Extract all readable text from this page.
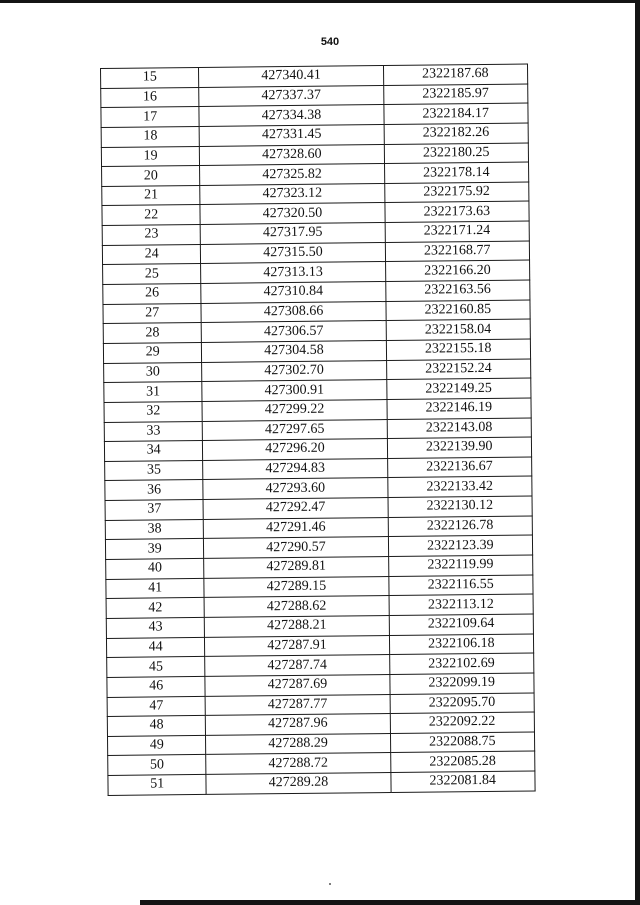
540
15	427340.41	2322187.68
16	427337.37	2322185.97
17	427334.38	2322184.17
18	427331.45	2322182.26
19	427328.60	2322180.25
20	427325.82	2322178.14
21	427323.12	2322175.92
22	427320.50	2322173.63
23	427317.95	2322171.24
24	427315.50	2322168.77
25	427313.13	2322166.20
26	427310.84	2322163.56
27	427308.66	2322160.85
28	427306.57	2322158.04
29	427304.58	2322155.18
30	427302.70	2322152.24
31	427300.91	2322149.25
32	427299.22	2322146.19
33	427297.65	2322143.08
34	427296.20	2322139.90
35	427294.83	2322136.67
36	427293.60	2322133.42
37	427292.47	2322130.12
38	427291.46	2322126.78
39	427290.57	2322123.39
40	427289.81	2322119.99
41	427289.15	2322116.55
42	427288.62	2322113.12
43	427288.21	2322109.64
44	427287.91	2322106.18
45	427287.74	2322102.69
46	427287.69	2322099.19
47	427287.77	2322095.70
48	427287.96	2322092.22
49	427288.29	2322088.75
50	427288.72	2322085.28
51	427289.28	2322081.84
